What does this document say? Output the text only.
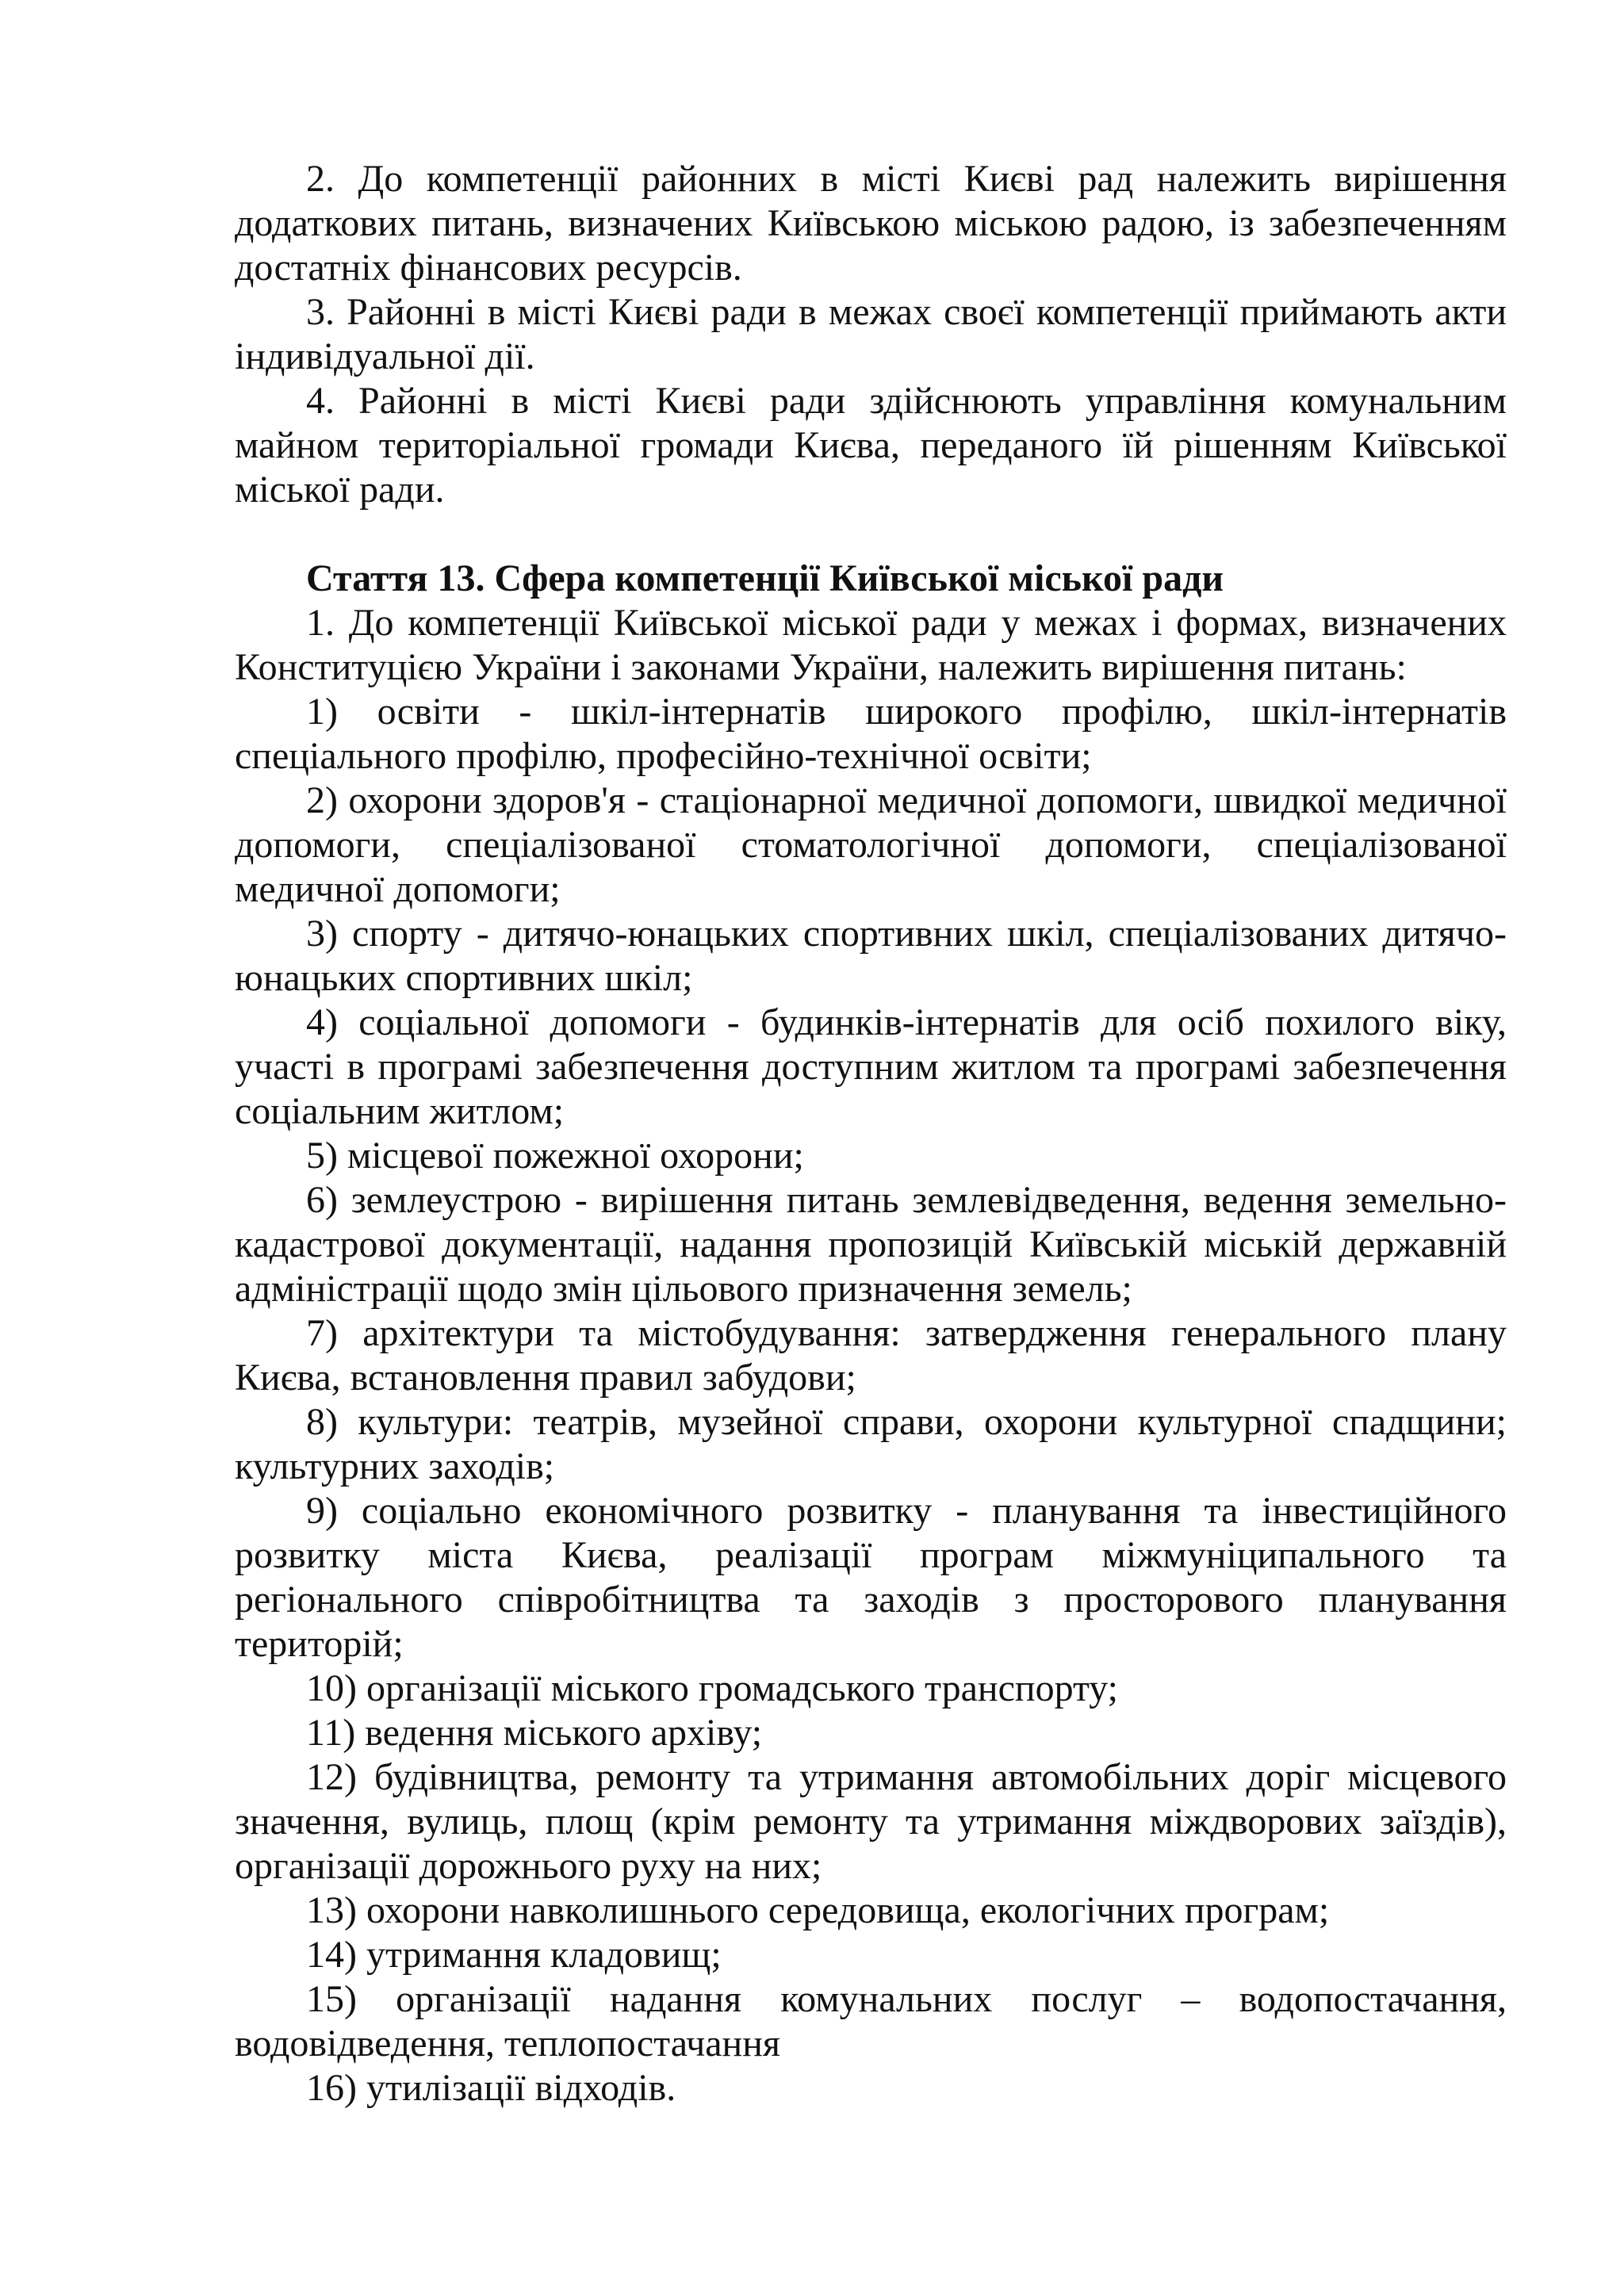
2. До компетенції районних в місті Києві рад належить вирішення додаткових питань, визначених Київською міською радою, із забезпеченням достатніх фінансових ресурсів.

3. Районні в місті Києві ради в межах своєї компетенції приймають акти індивідуальної дії.

4. Районні в місті Києві ради здійснюють управління комунальним майном територіальної громади Києва, переданого їй рішенням Київської міської ради.

Стаття 13. Сфера компетенції Київської міської ради

1. До компетенції Київської міської ради у межах і формах, визначених Конституцією України і законами України, належить вирішення питань:

1) освіти - шкіл-інтернатів широкого профілю, шкіл-інтернатів спеціального профілю, професійно-технічної освіти;

2) охорони здоров'я - стаціонарної медичної допомоги, швидкої медичної допомоги, спеціалізованої стоматологічної допомоги, спеціалізованої медичної допомоги;

3) спорту - дитячо-юнацьких спортивних шкіл, спеціалізованих дитячо-юнацьких спортивних шкіл;

4) соціальної допомоги - будинків-інтернатів для осіб похилого віку, участі в програмі забезпечення доступним житлом та програмі забезпечення соціальним житлом;

5) місцевої пожежної охорони;

6) землеустрою - вирішення питань землевідведення, ведення земельно-кадастрової документації, надання пропозицій Київській міській державній адміністрації щодо змін цільового призначення земель;

7) архітектури та містобудування: затвердження генерального плану Києва, встановлення правил забудови;

8) культури: театрів, музейної справи, охорони культурної спадщини; культурних заходів;

9) соціально економічного розвитку - планування та інвестиційного розвитку міста Києва, реалізації програм міжмуніципального та регіонального співробітництва та заходів з просторового планування територій;

10) організації міського громадського транспорту;

11) ведення міського архіву;

12) будівництва, ремонту та утримання автомобільних доріг місцевого значення, вулиць, площ (крім ремонту та утримання міждворових заїздів), організації дорожнього руху на них;

13) охорони навколишнього середовища, екологічних програм;

14) утримання кладовищ;

15) організації надання комунальних послуг – водопостачання, водовідведення, теплопостачання

16) утилізації відходів.
